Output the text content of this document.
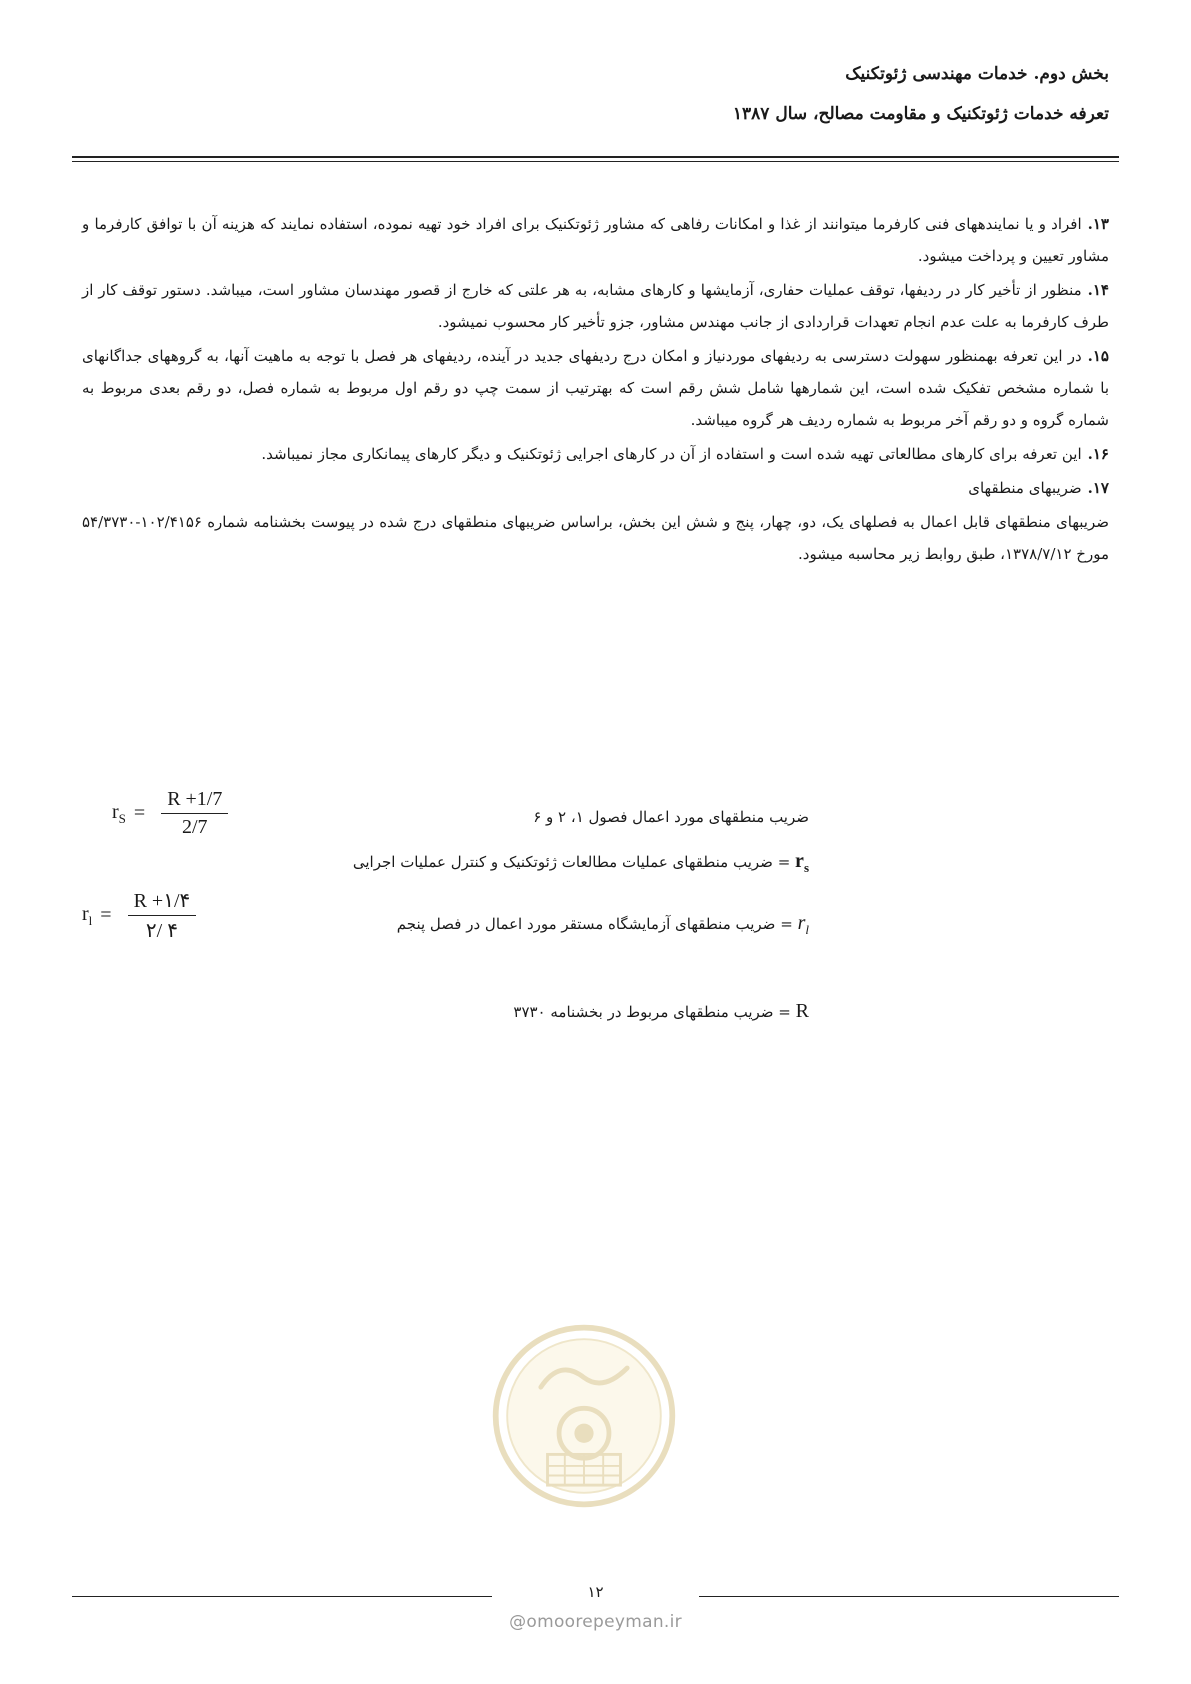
بخش دوم. خدمات مهندسی ژئوتکنیک
تعرفه خدمات ژئوتکنیک و مقاومت مصالح، سال ۱۳۸۷

۱۳.افراد و یا نمایندههای فنی کارفرما میتوانند از غذا و امکانات رفاهی که مشاور ژئوتکنیک برای افراد خود تهیه نموده، استفاده نمایند که هزینه آن با توافق کارفرما و مشاور تعیین و پرداخت میشود.

۱۴.منظور از تأخیر کار در ردیفها، توقف عملیات حفاری، آزمایشها و کارهای مشابه، به هر علتی که خارج از قصور مهندسان مشاور است، میباشد. دستور توقف کار از طرف کارفرما به علت عدم انجام تعهدات قراردادی از جانب مهندس مشاور، جزو تأخیر کار محسوب نمیشود.

۱۵.در این تعرفه بهمنظور سهولت دسترسی به ردیفهای موردنیاز و امکان درج ردیفهای جدید در آینده، ردیفهای هر فصل با توجه به ماهیت آنها، به گروههای جداگانهای با شماره مشخص تفکیک شده است، این شمارهها شامل شش رقم است که بهترتیب از سمت چپ دو رقم اول مربوط به شماره فصل، دو رقم بعدی مربوط به شماره گروه و دو رقم آخر مربوط به شماره ردیف هر گروه میباشد.

۱۶.این تعرفه برای کارهای مطالعاتی تهیه شده است و استفاده از آن در کارهای اجرایی ژئوتکنیک و دیگر کارهای پیمانکاری مجاز نمیباشد.

۱۷.ضریبهای منطقهای

ضریبهای منطقهای قابل اعمال به فصلهای یک، دو، چهار، پنج و شش این بخش، براساس ضریبهای منطقهای درج شده در پیوست بخشنامه شماره ۱۰۲/۴۱۵۶-۵۴/۳۷۳۰ مورخ ۱۳۷۸/۷/۱۲، طبق روابط زیر محاسبه میشود.

ضریب منطقهای مورد اعمال فصول ۱، ۲ و ۶
$r_S = \frac{R +1/7}{2/7}$
$r_s$ = ضریب منطقهای عملیات مطالعات ژئوتکنیک و کنترل عملیات اجرایی
$r_l$ = ضریب منطقهای آزمایشگاه مستقر مورد اعمال در فصل پنجم
$r_l = \frac{R +۱/۴}{۲/ ۴}$
R = ضریب منطقهای مربوط در بخشنامه ۳۷۳۰
۱۲
@omoorepeyman.ir
